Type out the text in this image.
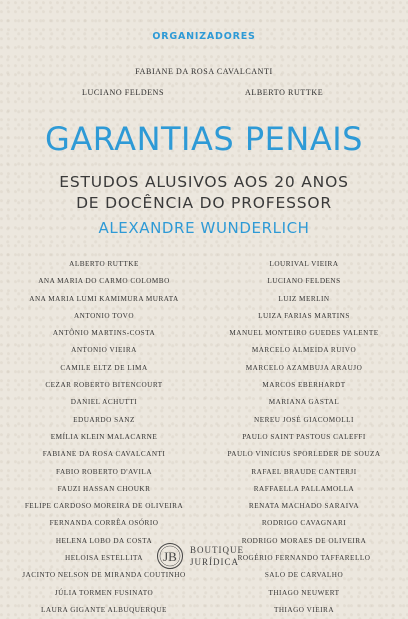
ORGANIZADORES
FABIANE DA ROSA CAVALCANTI
LUCIANO FELDENS	ALBERTO RUTTKE
GARANTIAS PENAIS
ESTUDOS ALUSIVOS AOS 20 ANOS
DE DOCÊNCIA DO PROFESSOR
ALEXANDRE WUNDERLICH
ALBERTO RUTTKE
ANA MARIA DO CARMO COLOMBO
ANA MARIA LUMI KAMIMURA MURATA
ANTONIO TOVO
ANTÔNIO MARTINS-COSTA
ANTONIO VIEIRA
CAMILE ELTZ DE LIMA
CEZAR ROBERTO BITENCOURT
DANIEL ACHUTTI
EDUARDO SANZ
EMÍLIA KLEIN MALACARNE
FABIANE DA ROSA CAVALCANTI
FABIO ROBERTO D'AVILA
FAUZI HASSAN CHOUKR
FELIPE CARDOSO MOREIRA DE OLIVEIRA
FERNANDA CORRÊA OSÓRIO
HELENA LOBO DA COSTA
HELOISA ESTELLITA
JACINTO NELSON DE MIRANDA COUTINHO
JÚLIA TORMEN FUSINATO
LAURA GIGANTE ALBUQUERQUE
LOURIVAL VIEIRA
LUCIANO FELDENS
LUIZ MERLIN
LUIZA FARIAS MARTINS
MANUEL MONTEIRO GUEDES VALENTE
MARCELO ALMEIDA RUIVO
MARCELO AZAMBUJA ARAUJO
MARCOS EBERHARDT
MARIANA GASTAL
NEREU JOSÉ GIACOMOLLI
PAULO SAINT PASTOUS CALEFFI
PAULO VINICIUS SPORLEDER DE SOUZA
RAFAEL BRAUDE CANTERJI
RAFFAELLA PALLAMOLLA
RENATA MACHADO SARAIVA
RODRIGO CAVAGNARI
RODRIGO MORAES DE OLIVEIRA
ROGÉRIO FERNANDO TAFFARELLO
SALO DE CARVALHO
THIAGO NEUWERT
THIAGO VIEIRA
JB BOUTIQUE
JURÍDICA
